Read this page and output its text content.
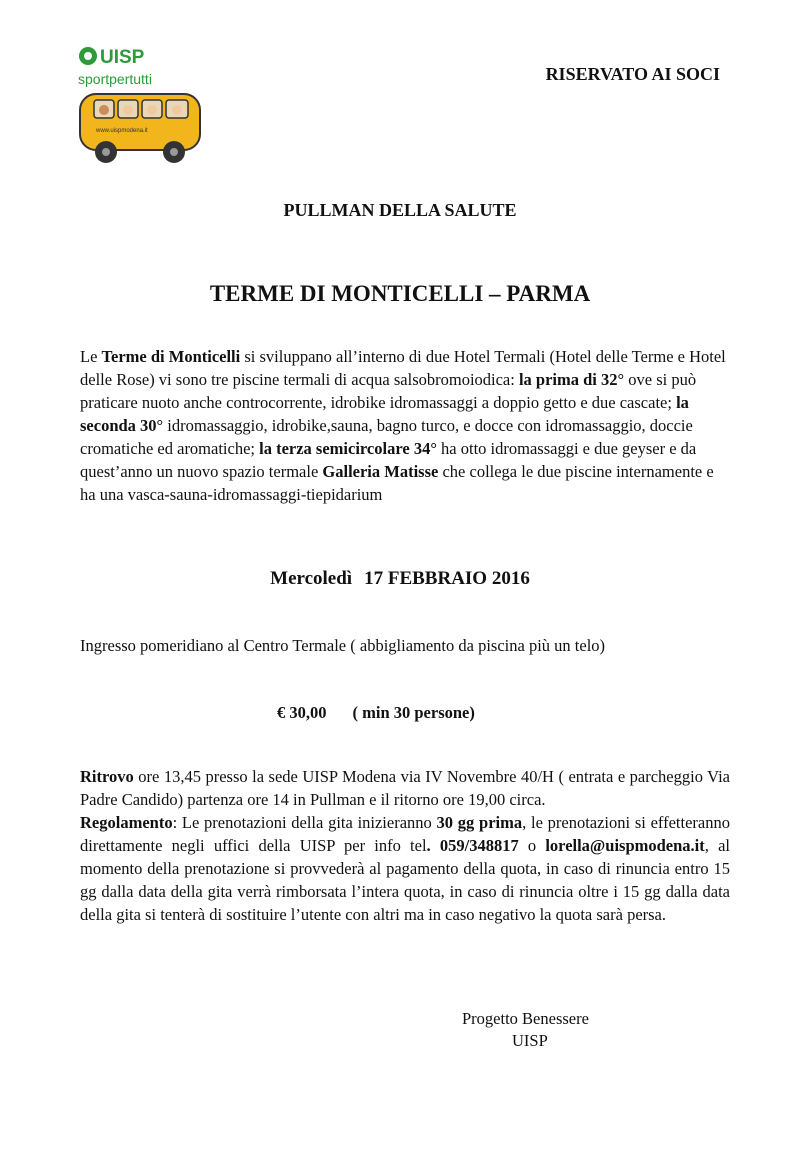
UISP
sportpertutti
www.uispmodena.it
RISERVATO AI SOCI
PULLMAN DELLA SALUTE
TERME DI MONTICELLI – PARMA
Le Terme di Monticelli si sviluppano all’interno di due Hotel Termali (Hotel delle Terme e Hotel delle Rose) vi sono tre piscine termali di acqua salsobromoiodica: la prima di 32° ove si può praticare nuoto anche controcorrente, idrobike idromassaggi a doppio getto e due cascate; la seconda 30° idromassaggio, idrobike,sauna, bagno turco, e docce con idromassaggio, doccie cromatiche ed aromatiche; la terza semicircolare 34° ha otto idromassaggi e due geyser e da quest’anno un nuovo spazio termale Galleria Matisse che collega le due piscine internamente e ha una vasca-sauna-idromassaggi-tiepidarium
Mercoledì 17 FEBBRAIO 2016
Ingresso pomeridiano al Centro Termale ( abbigliamento da piscina più un telo)
€ 30,00 ( min 30 persone)
Ritrovo ore 13,45 presso la sede UISP Modena via IV Novembre 40/H ( entrata e parcheggio Via Padre Candido) partenza ore 14 in Pullman e il ritorno ore 19,00 circa.
Regolamento: Le prenotazioni della gita inizieranno 30 gg prima, le prenotazioni si effetteranno direttamente negli uffici della UISP per info tel. 059/348817 o lorella@uispmodena.it, al momento della prenotazione si provvederà al pagamento della quota, in caso di rinuncia entro 15 gg dalla data della gita verrà rimborsata l’intera quota, in caso di rinuncia oltre i 15 gg dalla data della gita si tenterà di sostituire l’utente con altri ma in caso negativo la quota sarà persa.
Progetto Benessere
UISP
